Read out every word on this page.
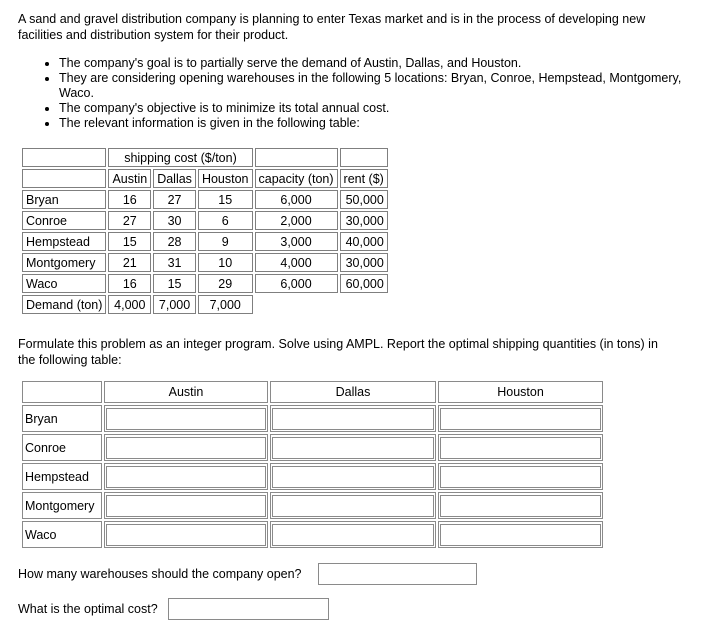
A sand and gravel distribution company is planning to enter Texas market and is in the process of developing new facilities and distribution system for their product.
• The company's goal is to partially serve the demand of Austin, Dallas, and Houston.
• They are considering opening warehouses in the following 5 locations: Bryan, Conroe, Hempstead, Montgomery, Waco.
• The company's objective is to minimize its total annual cost.
• The relevant information is given in the following table:
	shipping cost ($/ton)				
	Austin	Dallas	Houston	capacity (ton)	rent ($)
Bryan	16	27	15	6,000	50,000
Conroe	27	30	6	2,000	30,000
Hempstead	15	28	9	3,000	40,000
Montgomery	21	31	10	4,000	30,000
Waco	16	15	29	6,000	60,000
Demand (ton)	4,000	7,000	7,000		
Formulate this problem as an integer program. Solve using AMPL. Report the optimal shipping quantities (in tons) in the following table:
	Austin	Dallas	Houston
Bryan	

Conroe	

Hempstead	

Montgomery	

Waco	

How many warehouses should the company open?
What is the optimal cost?
